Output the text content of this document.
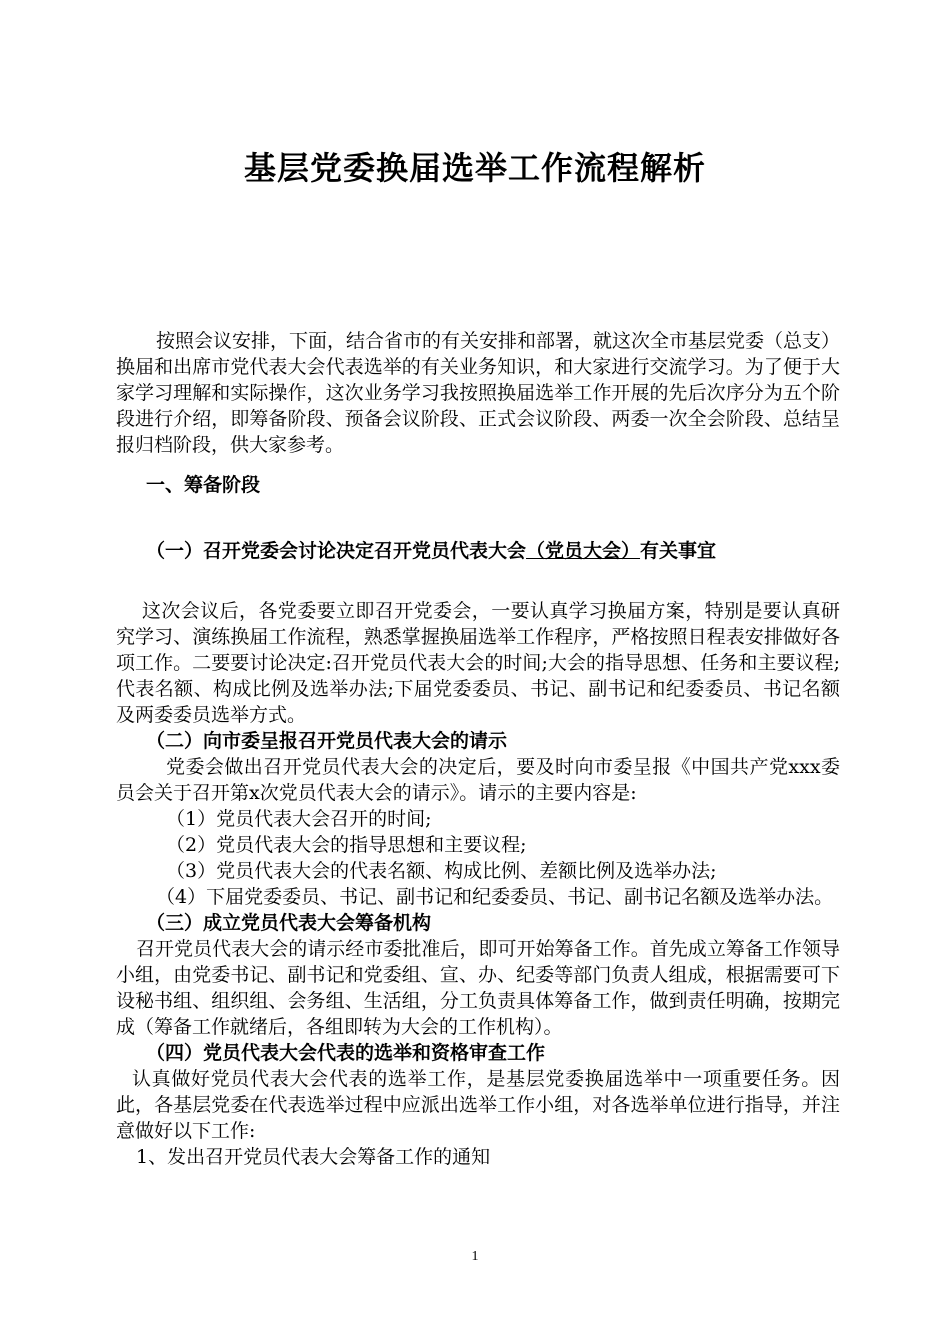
基层党委换届选举工作流程解析

按照会议安排，下面，结合省市的有关安排和部署，就这次全市基层党委（总支）换届和出席市党代表大会代表选举的有关业务知识，和大家进行交流学习。为了便于大家学习理解和实际操作，这次业务学习我按照换届选举工作开展的先后次序分为五个阶段进行介绍，即筹备阶段、预备会议阶段、正式会议阶段、两委一次全会阶段、总结呈报归档阶段，供大家参考。

一、筹备阶段
（一）召开党委会讨论决定召开党员代表大会（党员大会）有关事宜

这次会议后，各党委要立即召开党委会，一要认真学习换届方案，特别是要认真研究学习、演练换届工作流程，熟悉掌握换届选举工作程序，严格按照日程表安排做好各项工作。二要要讨论决定:召开党员代表大会的时间;大会的指导思想、任务和主要议程;代表名额、构成比例及选举办法;下届党委委员、书记、副书记和纪委委员、书记名额及两委委员选举方式。

（二）向市委呈报召开党员代表大会的请示

党委会做出召开党员代表大会的决定后，要及时向市委呈报《中国共产党xxx委员会关于召开第x次党员代表大会的请示》。请示的主要内容是:

（1）党员代表大会召开的时间;

（2）党员代表大会的指导思想和主要议程;

（3）党员代表大会的代表名额、构成比例、差额比例及选举办法;

（4）下届党委委员、书记、副书记和纪委委员、书记、副书记名额及选举办法。

（三）成立党员代表大会筹备机构

召开党员代表大会的请示经市委批准后，即可开始筹备工作。首先成立筹备工作领导小组，由党委书记、副书记和党委组、宣、办、纪委等部门负责人组成，根据需要可下设秘书组、组织组、会务组、生活组，分工负责具体筹备工作，做到责任明确，按期完成（筹备工作就绪后，各组即转为大会的工作机构）。

（四）党员代表大会代表的选举和资格审查工作

认真做好党员代表大会代表的选举工作，是基层党委换届选举中一项重要任务。因此，各基层党委在代表选举过程中应派出选举工作小组，对各选举单位进行指导，并注意做好以下工作:

1、发出召开党员代表大会筹备工作的通知

1
